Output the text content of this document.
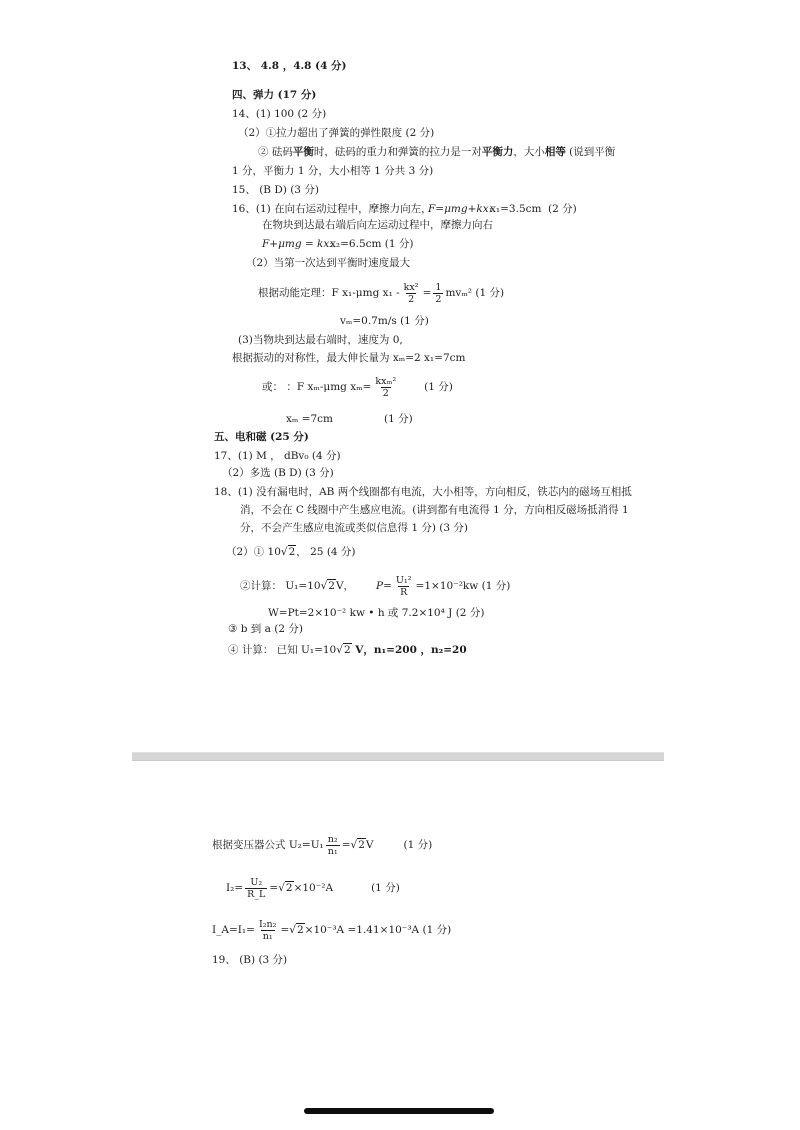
13、 4.8 ，4.8 (4 分)
四、弹力 (17 分)
14、(1) 100 (2 分)
（2）①拉力超出了弹簧的弹性限度 (2 分)
② 砝码平衡时，砝码的重力和弹簧的拉力是一对平衡力，大小相等 (说到平衡
1 分，平衡力 1 分，大小相等 1 分共 3 分)
15、 (B D) (3 分)
16、(1) 在向右运动过程中，摩擦力向左，
F=μmg+kx₁
x₁=3.5cm (2 分)
在物块到达最右端后向左运动过程中，摩擦力向右
F+μmg = kx₂
x₂=6.5cm (1 分)
（2）当第一次达到平衡时速度最大
根据动能定理：F x₁-μmg $x_1 - \frac{\text{kx²}}{2} = \frac{1}{2} mv_m^2$ (1 分)
vₘ=0.7m/s (1 分)
(3)当物块到达最右端时，速度为 0,
根据振动的对称性，最大伸长量为 xₘ=2 x₁=7cm
或： ：F xₘ-μmg $x_m= \frac{\text{kxₘ²}}{2} (1$ 分)
xₘ =7cm	(1 分)
五、电和磁 (25 分)
17、(1) M ， dBv₀ (4 分)
（2）多选 (B D) (3 分)
18、(1) 没有漏电时，AB 两个线圈都有电流，大小相等，方向相反，铁芯内的磁场互相抵
消，不会在 C 线圈中产生感应电流。(讲到都有电流得 1 分，方向相反磁场抵消得 1
分，不会产生感应电流或类似信息得 1 分) (3 分)
（2）① 10√2， 25 (4 分)
②计算： U₁=10 √2 V， $P= \frac{\text{U₁²}}{R} =1\times 10^{-2}kw$ (1 分)
W=Pt=2×10⁻² kw • h 或 7.2×10⁴ J (2 分)
③ b 到 a (2 分)
④ 计算： 已知 U₁=10√2 V，n₁=200 ，n₂=20
根据变压器公式 $U_2=U_1 \frac{\text{n₂}}{\text{n₁}} = √2$ V	(1 分)
$I_2= \frac{\text{U₂}}{R\_L} = √2 \times 10^{-2}A$	(1 分)
I_A=I₁= $\frac{\text{I₂n₂}}{\text{n₁}} = √2 \times 10^{-3}A =1.41\times 10^{-3}A$ (1 分)
19、 (B) (3 分)
